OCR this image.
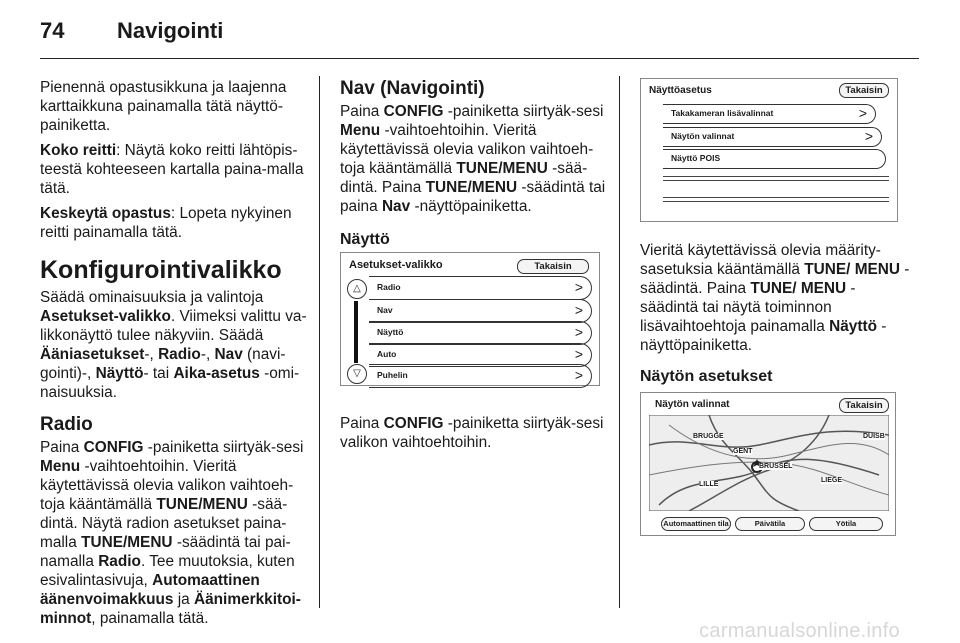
74 Navigointi

Pienennä opastusikkuna ja laajenna karttaikkuna painamalla tätä näyttö-painiketta.

Koko reitti: Näytä koko reitti lähtöpis-teestä kohteeseen kartalla paina-malla tätä.

Keskeytä opastus: Lopeta nykyinen reitti painamalla tätä.

Konfigurointivalikko

Säädä ominaisuuksia ja valintoja Asetukset-valikko. Viimeksi valittu va-likkonäyttö tulee näkyviin. Säädä Ääniasetukset-, Radio-, Nav (navi-gointi)-, Näyttö- tai Aika-asetus -omi-naisuuksia.

Radio

Paina CONFIG -painiketta siirtyäk-sesi Menu -vaihtoehtoihin. Vieritä käytettävissä olevia valikon vaihtoeh-toja kääntämällä TUNE/MENU -sää-dintä. Näytä radion asetukset paina-malla TUNE/MENU -säädintä tai pai-namalla Radio. Tee muutoksia, kuten esivalintasivuja, Automaattinen äänenvoimakkuus ja Äänimerkkitoi-minnot, painamalla tätä.

Nav (Navigointi)

Paina CONFIG -painiketta siirtyäk-sesi Menu -vaihtoehtoihin. Vieritä käytettävissä olevia valikon vaihtoeh-toja kääntämällä TUNE/MENU -sää-dintä. Paina TUNE/MENU -säädintä tai paina Nav -näyttöpainiketta.

Näyttö
Asetukset-valikko	Takaisin
△
▽
Radio	>
Nav	>
Näyttö	>
Auto	>
Puhelin	>

Paina CONFIG -painiketta siirtyäk-sesi valikon vaihtoehtoihin.

Näyttöasetus	Takaisin
Takakameran lisävalinnat	>
Näytön valinnat	>
Näyttö POIS

Vieritä käytettävissä olevia määrity-sasetuksia kääntämällä TUNE/ MENU -säädintä. Paina TUNE/ MENU -säädintä tai näytä toiminnon lisävaihtoehtoja painamalla Näyttö -näyttöpainiketta.

Näytön asetukset
Näytön valinnat	Takaisin
BRUGGE
GENT
BRUSSEL
LILLE
LIEGE
DUISB
Automaattinen tila	Päivätila	Yötila
carmanualsonline.info
